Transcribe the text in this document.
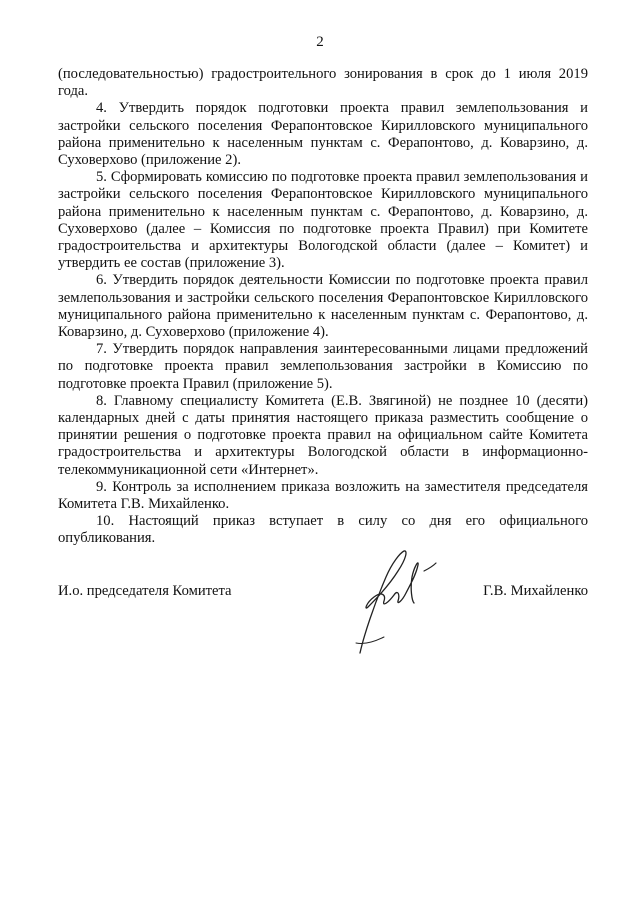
2

(последовательностью) градостроительного зонирования в срок до 1 июля 2019 года.

4. Утвердить порядок подготовки проекта правил землепользования и застройки сельского поселения Ферапонтовское Кирилловского муниципального района применительно к населенным пунктам с. Ферапонтово, д. Коварзино, д. Суховерхово (приложение 2).

5. Сформировать комиссию по подготовке проекта правил землепользования и застройки сельского поселения Ферапонтовское Кирилловского муниципального района применительно к населенным пунктам с. Ферапонтово, д. Коварзино, д. Суховерхово (далее – Комиссия по подготовке проекта Правил) при Комитете градостроительства и архитектуры Вологодской области (далее – Комитет) и утвердить ее состав (приложение 3).

6. Утвердить порядок деятельности Комиссии по подготовке проекта правил землепользования и застройки сельского поселения Ферапонтовское Кирилловского муниципального района применительно к населенным пунктам с. Ферапонтово, д. Коварзино, д. Суховерхово (приложение 4).

7. Утвердить порядок направления заинтересованными лицами предложений по подготовке проекта правил землепользования застройки в Комиссию по подготовке проекта Правил (приложение 5).

8. Главному специалисту Комитета (Е.В. Звягиной) не позднее 10 (десяти) календарных дней с даты принятия настоящего приказа разместить сообщение о принятии решения о подготовке проекта правил на официальном сайте Комитета градостроительства и архитектуры Вологодской области в информационно-телекоммуникационной сети «Интернет».

9. Контроль за исполнением приказа возложить на заместителя председателя Комитета Г.В. Михайленко.

10. Настоящий приказ вступает в силу со дня его официального опубликования.

И.о. председателя Комитета	Г.В. Михайленко
